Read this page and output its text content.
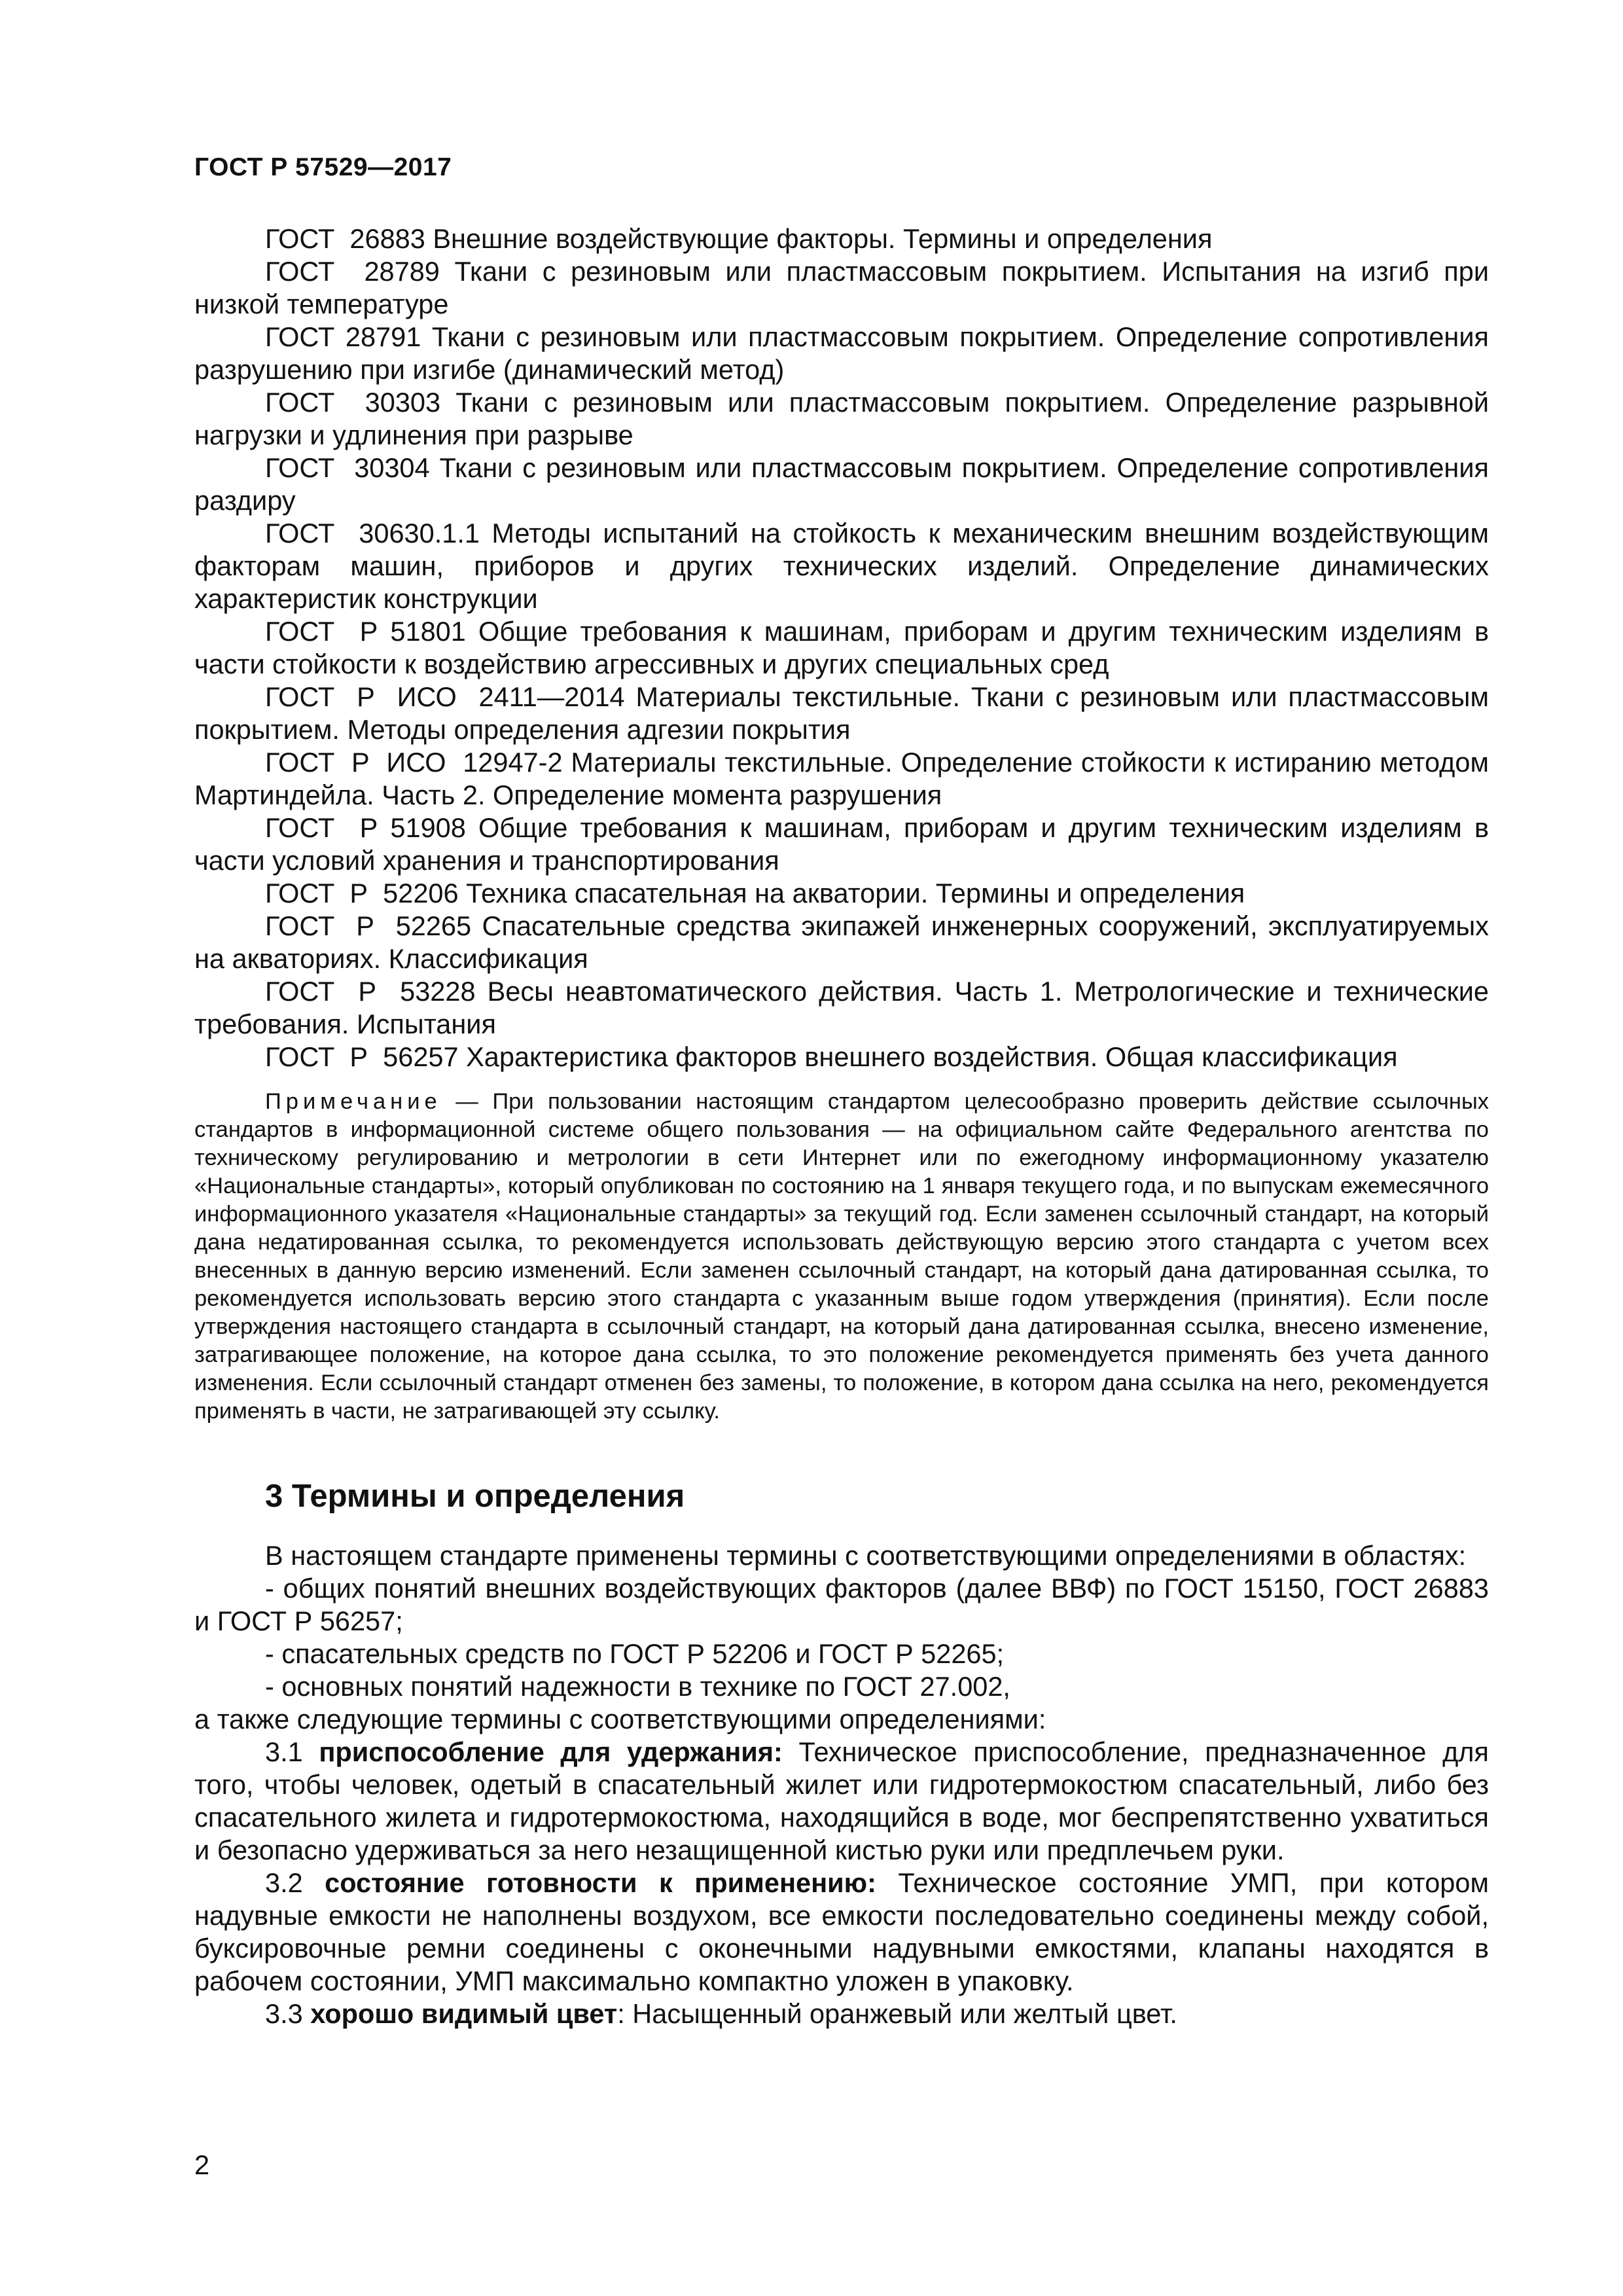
ГОСТ Р 57529—2017

ГОСТ  26883 Внешние воздействующие факторы. Термины и определения

ГОСТ  28789 Ткани с резиновым или пластмассовым покрытием. Испытания на изгиб при низкой температуре

ГОСТ 28791 Ткани с резиновым или пластмассовым покрытием. Определение сопротивления разрушению при изгибе (динамический метод)

ГОСТ  30303 Ткани с резиновым или пластмассовым покрытием. Определение разрывной нагрузки и удлинения при разрыве

ГОСТ  30304 Ткани с резиновым или пластмассовым покрытием. Определение сопротивления раздиру

ГОСТ  30630.1.1 Методы испытаний на стойкость к механическим внешним воздействующим факторам машин, приборов и других технических изделий. Определение динамических характеристик конструкции

ГОСТ  Р 51801 Общие требования к машинам, приборам и другим техническим изделиям в части стойкости к воздействию агрессивных и других специальных сред

ГОСТ  Р  ИСО  2411—2014 Материалы текстильные. Ткани с резиновым или пластмассовым покрытием. Методы определения адгезии покрытия

ГОСТ  Р  ИСО  12947-2 Материалы текстильные. Определение стойкости к истиранию методом Мартиндейла. Часть 2. Определение момента разрушения

ГОСТ  Р 51908 Общие требования к машинам, приборам и другим техническим изделиям в части условий хранения и транспортирования

ГОСТ  Р  52206 Техника спасательная на акватории. Термины и определения

ГОСТ  Р  52265 Спасательные средства экипажей инженерных сооружений, эксплуатируемых на акваториях. Классификация

ГОСТ  Р  53228 Весы неавтоматического действия. Часть 1. Метрологические и технические требования. Испытания

ГОСТ  Р  56257 Характеристика факторов внешнего воздействия. Общая классификация

Примечание — При пользовании настоящим стандартом целесообразно проверить действие ссылочных стандартов в информационной системе общего пользования — на официальном сайте Федерального агентства по техническому регулированию и метрологии в сети Интернет или по ежегодному информационному указателю «Национальные стандарты», который опубликован по состоянию на 1 января текущего года, и по выпускам ежемесячного информационного указателя «Национальные стандарты» за текущий год. Если заменен ссылочный стандарт, на который дана недатированная ссылка, то рекомендуется использовать действующую версию этого стандарта с учетом всех внесенных в данную версию изменений. Если заменен ссылочный стандарт, на который дана датированная ссылка, то рекомендуется использовать версию этого стандарта с указанным выше годом утверждения (принятия). Если после утверждения настоящего стандарта в ссылочный стандарт, на который дана датированная ссылка, внесено изменение, затрагивающее положение, на которое дана ссылка, то это положение рекомендуется применять без учета данного изменения. Если ссылочный стандарт отменен без замены, то положение, в котором дана ссылка на него, рекомендуется применять в части, не затрагивающей эту ссылку.

3 Термины и определения

В настоящем стандарте применены термины с соответствующими определениями в областях:

- общих понятий внешних воздействующих факторов (далее ВВФ) по ГОСТ 15150, ГОСТ 26883 и ГОСТ Р 56257;

- спасательных средств по ГОСТ Р 52206 и ГОСТ Р 52265;

- основных понятий надежности в технике по ГОСТ 27.002,

а также следующие термины с соответствующими определениями:

3.1 приспособление для удержания: Техническое приспособление, предназначенное для того, чтобы человек, одетый в спасательный жилет или гидротермокостюм спасательный, либо без спасательного жилета и гидротермокостюма, находящийся в воде, мог беспрепятственно ухватиться и безопасно удерживаться за него незащищенной кистью руки или предплечьем руки.

3.2 состояние готовности к применению: Техническое состояние УМП, при котором надувные емкости не наполнены воздухом, все емкости последовательно соединены между собой, буксировочные ремни соединены с оконечными надувными емкостями, клапаны находятся в рабочем состоянии, УМП максимально компактно уложен в упаковку.

3.3 хорошо видимый цвет: Насыщенный оранжевый или желтый цвет.

2
